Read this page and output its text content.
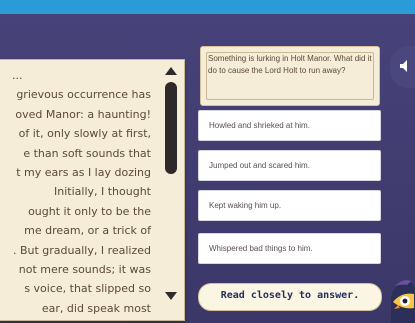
...
grievous occurrence has
oved Manor: a haunting!
of it, only slowly at first,
e than soft sounds that
t my ears as I lay dozing
Initially, I thought
ought it only to be the
me dream, or a trick of
. But gradually, I realized
not mere sounds; it was
s voice, that slipped so
ear, did speak most
Something is lurking in Holt Manor. What did it do to cause the Lord Holt to run away?
Howled and shrieked at him.
Jumped out and scared him.
Kept waking him up.
Whispered bad things to him.
Read closely to answer.
